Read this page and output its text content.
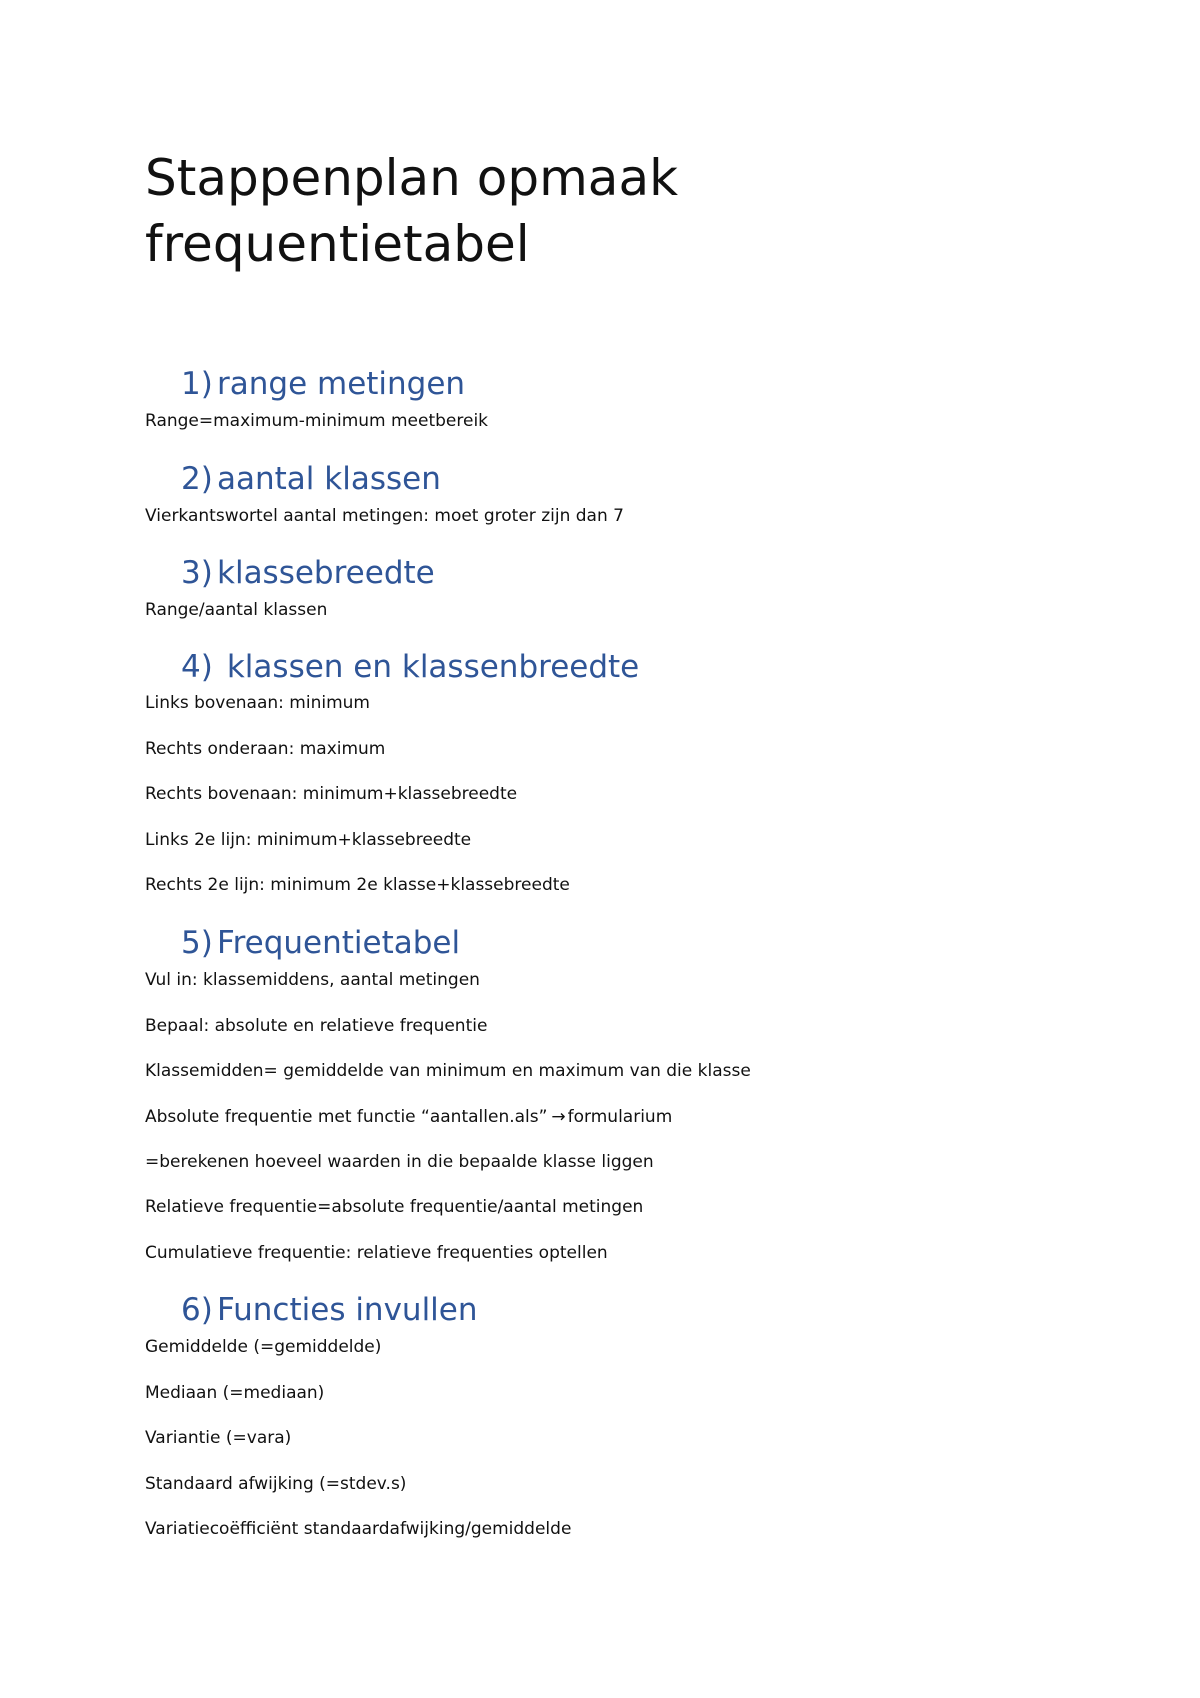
Stappenplan opmaak
frequentietabel
1) range metingen

Range=maximum-minimum meetbereik

2) aantal klassen

Vierkantswortel aantal metingen: moet groter zijn dan 7

3) klassebreedte

Range/aantal klassen

4) klassen en klassenbreedte

Links bovenaan: minimum

Rechts onderaan: maximum

Rechts bovenaan: minimum+klassebreedte

Links 2e lijn: minimum+klassebreedte

Rechts 2e lijn: minimum 2e klasse+klassebreedte

5) Frequentietabel

Vul in: klassemiddens, aantal metingen

Bepaal: absolute en relatieve frequentie

Klassemidden= gemiddelde van minimum en maximum van die klasse

Absolute frequentie met functie “aantallen.als” → formularium

=berekenen hoeveel waarden in die bepaalde klasse liggen

Relatieve frequentie=absolute frequentie/aantal metingen

Cumulatieve frequentie: relatieve frequenties optellen

6) Functies invullen

Gemiddelde (=gemiddelde)

Mediaan (=mediaan)

Variantie (=vara)

Standaard afwijking (=stdev.s)

Variatiecoëfficiënt standaardafwijking/gemiddelde
